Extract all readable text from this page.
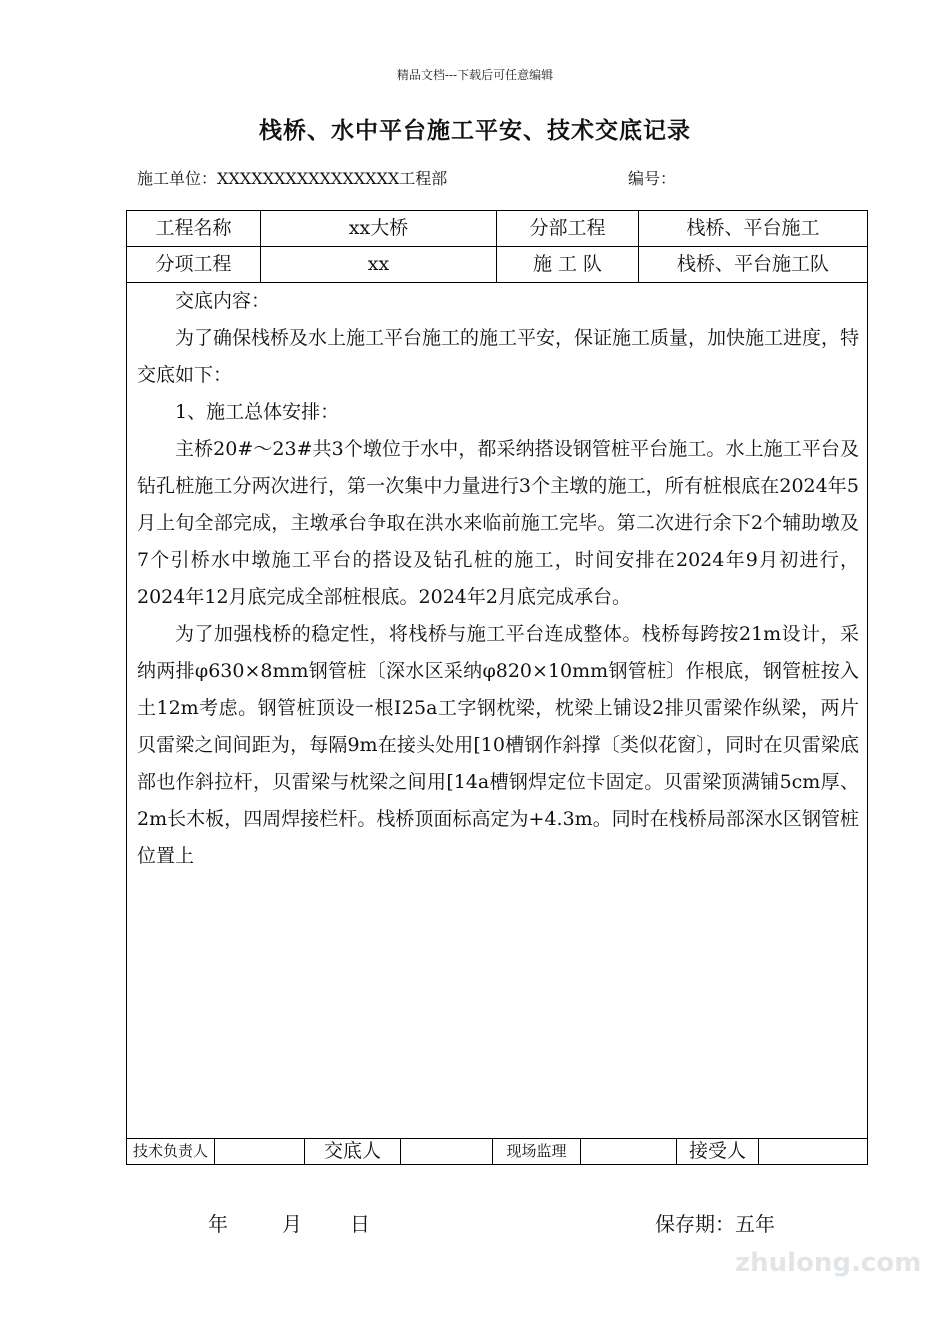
精品文档---下载后可任意编辑
栈桥、水中平台施工平安、技术交底记录
施工单位：XXXXXXXXXXXXXXXX工程部	编号：
工程名称	xx大桥	分部工程	栈桥、平台施工
分项工程	xx	施 工 队	栈桥、平台施工队

交底内容：

为了确保栈桥及水上施工平台施工的施工平安，保证施工质量，加快施工进度，特交底如下：

1、施工总体安排：

主桥20#～23#共3个墩位于水中，都采纳搭设钢管桩平台施工。水上施工平台及钻孔桩施工分两次进行，第一次集中力量进行3个主墩的施工，所有桩根底在2024年5月上旬全部完成，主墩承台争取在洪水来临前施工完毕。第二次进行余下2个辅助墩及7个引桥水中墩施工平台的搭设及钻孔桩的施工，时间安排在2024年9月初进行，2024年12月底完成全部桩根底。2024年2月底完成承台。

为了加强栈桥的稳定性，将栈桥与施工平台连成整体。栈桥每跨按21m设计，采纳两排φ630×8mm钢管桩〔深水区采纳φ820×10mm钢管桩〕作根底，钢管桩按入土12m考虑。钢管桩顶设一根Ⅰ25a工字钢枕梁，枕梁上铺设2排贝雷梁作纵梁，两片贝雷梁之间间距为，每隔9m在接头处用[10槽钢作斜撑〔类似花窗〕，同时在贝雷梁底部也作斜拉杆，贝雷梁与枕梁之间用[14a槽钢焊定位卡固定。贝雷梁顶满铺5cm厚、2m长木板，四周焊接栏杆。栈桥顶面标高定为+4.3m。同时在栈桥局部深水区钢管桩位置上

技术负责人	交底人	现场监理	接受人
年	月 日	保存期：五年
zhulong.com
